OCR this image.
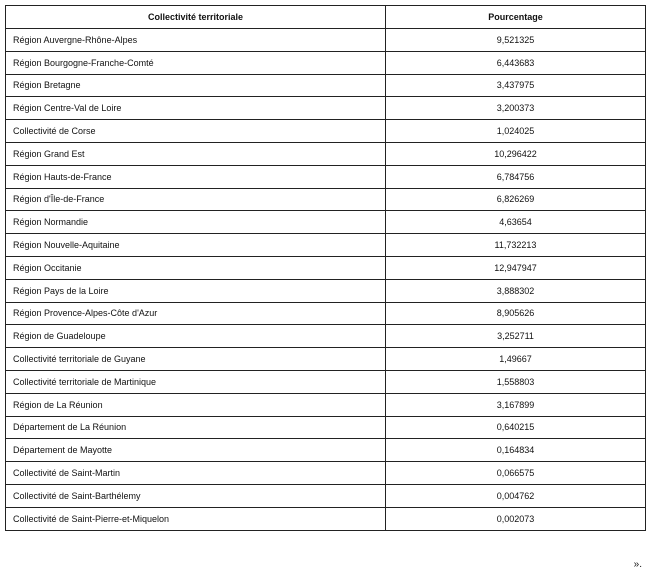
Collectivité territoriale	Pourcentage
Région Auvergne-Rhône-Alpes	9,521325
Région Bourgogne-Franche-Comté	6,443683
Région Bretagne	3,437975
Région Centre-Val de Loire	3,200373
Collectivité de Corse	1,024025
Région Grand Est	10,296422
Région Hauts-de-France	6,784756
Région d'Île-de-France	6,826269
Région Normandie	4,63654
Région Nouvelle-Aquitaine	11,732213
Région Occitanie	12,947947
Région Pays de la Loire	3,888302
Région Provence-Alpes-Côte d'Azur	8,905626
Région de Guadeloupe	3,252711
Collectivité territoriale de Guyane	1,49667
Collectivité territoriale de Martinique	1,558803
Région de La Réunion	3,167899
Département de La Réunion	0,640215
Département de Mayotte	0,164834
Collectivité de Saint-Martin	0,066575
Collectivité de Saint-Barthélemy	0,004762
Collectivité de Saint-Pierre-et-Miquelon	0,002073
».
